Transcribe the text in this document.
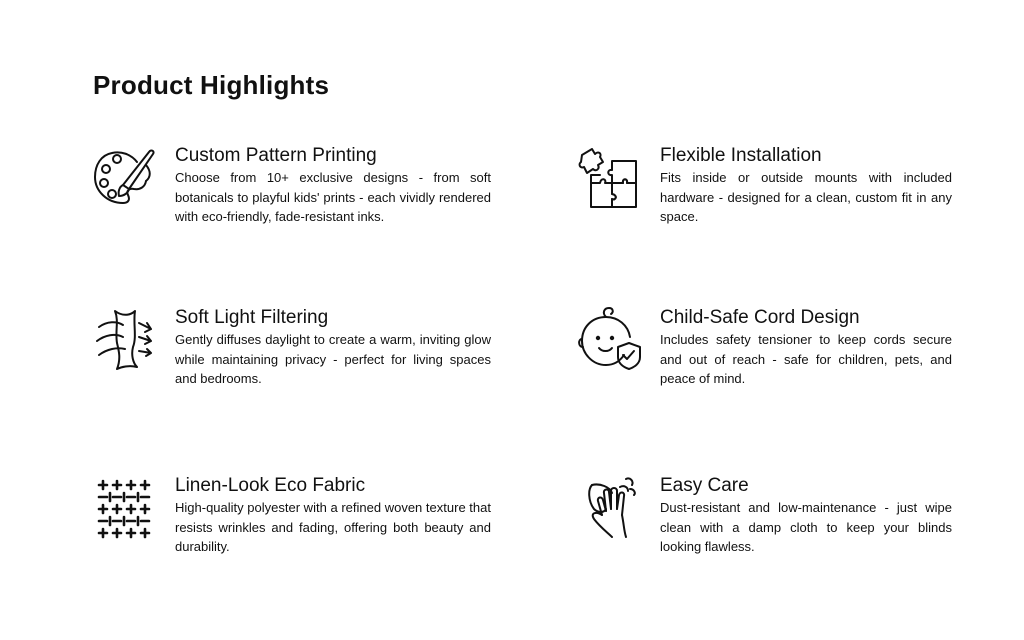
Product Highlights
Custom Pattern Printing

Choose from 10+ exclusive designs - from soft botanicals to playful kids' prints - each vividly rendered with eco-friendly, fade-resistant inks.

Flexible Installation

Fits inside or outside mounts with included hardware - designed for a clean, custom fit in any space.

Soft Light Filtering

Gently diffuses daylight to create a warm, inviting glow while maintaining privacy - perfect for living spaces and bedrooms.

Child-Safe Cord Design

Includes safety tensioner to keep cords secure and out of reach - safe for children, pets, and peace of mind.

Linen-Look Eco Fabric

High-quality polyester with a refined woven texture that resists wrinkles and fading, offering both beauty and durability.

Easy Care

Dust-resistant and low-maintenance - just wipe clean with a damp cloth to keep your blinds looking flawless.
